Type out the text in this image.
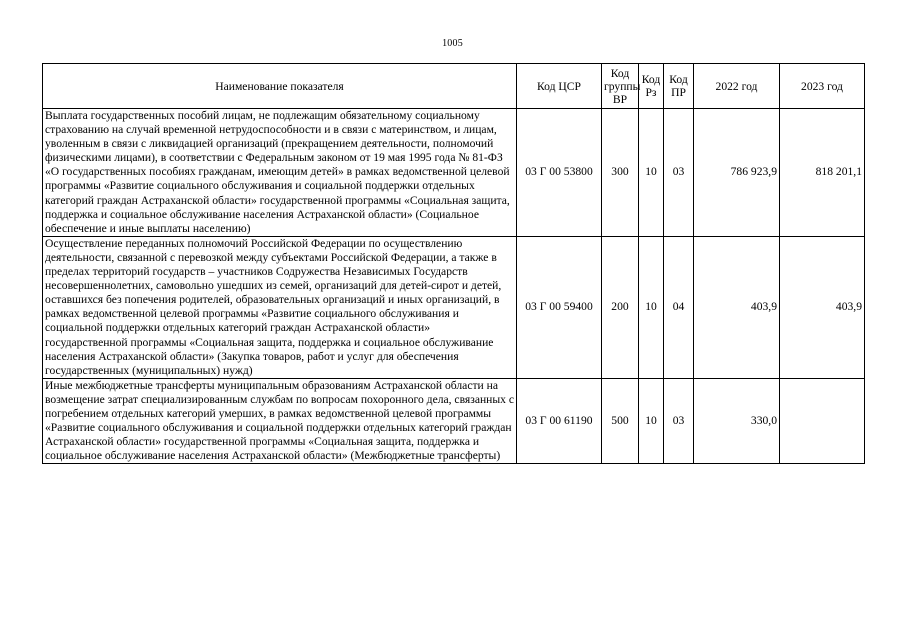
1005
Наименование показателя	Код ЦСР	Код группы ВР	Код Рз	Код ПР	2022 год	2023 год
Выплата государственных пособий лицам, не подлежащим обязательному социальному страхованию на случай временной нетрудоспособности и в связи с материнством, и лицам, уволенным в связи с ликвидацией организаций (прекращением деятельности, полномочий физическими лицами), в соответствии с Федеральным законом от 19 мая 1995 года № 81-ФЗ «О государственных пособиях гражданам, имеющим детей» в рамках ведомственной целевой программы «Развитие социального обслуживания и социальной поддержки отдельных категорий граждан Астраханской области» государственной программы «Социальная защита, поддержка и социальное обслуживание населения Астраханской области» (Социальное обеспечение и иные выплаты населению)	03 Г 00 53800	300	10	03	786 923,9	818 201,1
Осуществление переданных полномочий Российской Федерации по осуществлению деятельности, связанной с перевозкой между субъектами Российской Федерации, а также в пределах территорий государств – участников Содружества Независимых Государств несовершеннолетних, самовольно ушедших из семей, организаций для детей-сирот и детей, оставшихся без попечения родителей, образовательных организаций и иных организаций, в рамках ведомственной целевой программы «Развитие социального обслуживания и социальной поддержки отдельных категорий граждан Астраханской области» государственной программы «Социальная защита, поддержка и социальное обслуживание населения Астраханской области» (Закупка товаров, работ и услуг для обеспечения государственных (муниципальных) нужд)	03 Г 00 59400	200	10	04	403,9	403,9
Иные межбюджетные трансферты муниципальным образованиям Астраханской области на возмещение затрат специализированным службам по вопросам похоронного дела, связанных с погребением отдельных категорий умерших, в рамках ведомственной целевой программы «Развитие социального обслуживания и социальной поддержки отдельных категорий граждан Астраханской области» государственной программы «Социальная защита, поддержка и социальное обслуживание населения Астраханской области» (Межбюджетные трансферты)	03 Г 00 61190	500	10	03	330,0	
